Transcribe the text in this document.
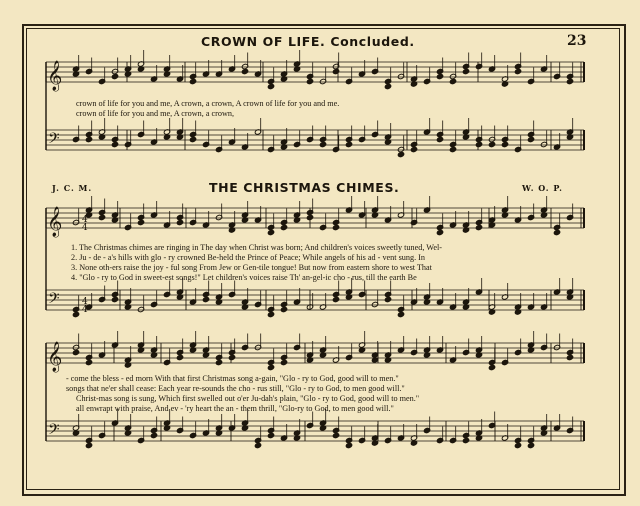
CROWN OF LIFE. Concluded.	23
crown of life for you and me, A crown, a crown, A crown of life for you and me.
crown of life for you and me, A crown, a crown,
J. C. M.	THE CHRISTMAS CHIMES.	W. O. P.
1. The Christmas chimes are ringing in The day when Christ was born; And children's voices sweetly tuned, Wel-
2. Ju - de - a's hills with glo - ry crowned Be-held the Prince of Peace; While angels of his ad - vent sung. In
3. None oth-ers raise the joy - ful song From Jew or Gen-tile tongue! But now from eastern shore to west That
4. "Glo - ry to God in sweet-est songs!" Let children's voices raise Th' an-gel-ic cho - rus, till the earth Be
- come the bless - ed morn With that first Christmas song a-gain, "Glo - ry to God, good will to men."
songs that ne'er shall cease: Each year re-sounds the cho - rus still, "Glo - ry to God, to men good will."
Christ-mas song is sung, Which first swelled out o'er Ju-dah's plain, "Glo - ry to God, good will to men."
all enwrapt with praise, And ev - 'ry heart the an - them thrill, "Glo-ry to God, to men good will."
𝄞
𝄞
𝄞
𝄢
𝄢
𝄢
4
4
4
4
